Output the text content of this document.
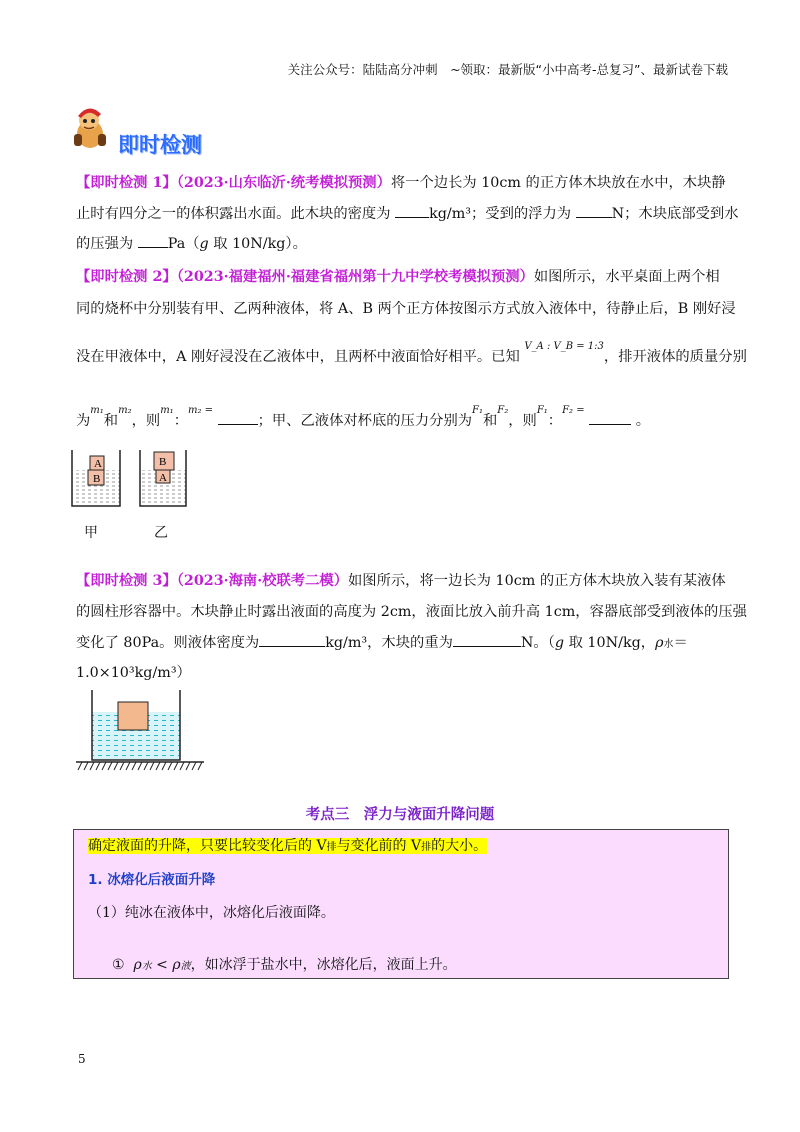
关注公众号：陆陆高分冲刺　~领取：最新版“小中高考-总复习”、最新试卷下载
即时检测
【即时检测 1】（2023·山东临沂·统考模拟预测）将一个边长为 10cm 的正方体木块放在水中，木块静
止时有四分之一的体积露出水面。此木块的密度为 kg/m³；受到的浮力为	N；木块底部受到水
的压强为 Pa（g 取 10N/kg）。
【即时检测 2】（2023·福建福州·福建省福州第十九中学校考模拟预测）如图所示，水平桌面上两个相
同的烧杯中分别装有甲、乙两种液体，将 A、B 两个正方体按图示方式放入液体中，待静止后，B 刚好浸
没在甲液体中，A 刚好浸没在乙液体中，且两杯中液面恰好相平。已知 $^{V\_A : V\_B = 1:3}$，排开液体的质量分别
为$^{m_1}$和$^{m_2}$，则$^{m_1}$：$^{m_2 =}$ ；甲、乙液体对杯底的压力分别为$^{F_1}$和$^{F_2}$，则$^{F_1}$：$^{F_2 =}$  。
A
B
B
A
甲	乙
【即时检测 3】（2023·海南·校联考二模）如图所示，将一边长为 10cm 的正方体木块放入装有某液体
的圆柱形容器中。木块静止时露出液面的高度为 2cm，液面比放入前升高 1cm，容器底部受到液体的压强
变化了 80Pa。则液体密度为	kg/m³，木块的重为	N。（g 取 10N/kg，ρ水＝
1.0×10³kg/m³）
考点三　浮力与液面升降问题
确定液面的升降，只要比较变化后的 V排与变化前的 V排的大小。
1. 冰熔化后液面升降
（1）纯冰在液体中，冰熔化后液面降。
① ρ水 < ρ液，如冰浮于盐水中，冰熔化后，液面上升。
5
